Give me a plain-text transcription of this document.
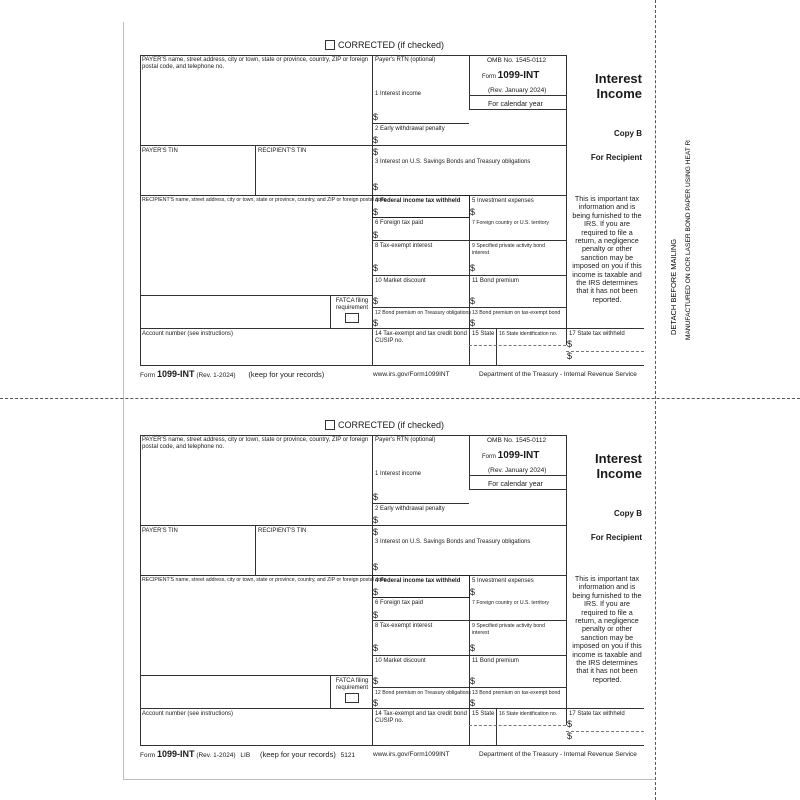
DETACH BEFORE MAILING MANUFACTURED ON OCR LASER BOND PAPER USING HEAT RESISTANT INKS
CORRECTED (if checked)
PAYER'S name, street address, city or town, state or province, country, ZIP or foreign postal code, and telephone no.
Payer's RTN (optional)	OMB No. 1545-0112
Form 1099-INT
(Rev. January 2024)
For calendar year
Interest
Income
Copy B
For Recipient
1 Interest income
$
2 Early withdrawal penalty
$
PAYER'S TIN	RECIPIENT'S TIN
3 Interest on U.S. Savings Bonds and Treasury obligations
$
$
RECIPIENT'S name, street address, city or town, state or province, country, and ZIP or foreign postal code
4 Federal income tax withheld
$
5 Investment expenses
$
6 Foreign tax paid
$
7 Foreign country or U.S. territory
8 Tax-exempt interest
$
9 Specified private activity bond interest
$
10 Market discount
$
11 Bond premium
$
FATCA filing requirement
12 Bond premium on Treasury obligations
$
13 Bond premium on tax-exempt bond
$
Account number (see instructions)	14 Tax-exempt and tax credit bond CUSIP no.
15 State 16 State identification no. 17 State tax withheld
$
$
This is important tax information and is being furnished to the IRS. If you are required to file a return, a negligence penalty or other sanction may be imposed on you if this income is taxable and the IRS determines that it has not been reported.
Form 1099-INT (Rev. 1-2024) (keep for your records)	www.irs.gov/Form1099INT	Department of the Treasury - Internal Revenue Service
CORRECTED (if checked)
PAYER'S name, street address, city or town, state or province, country, ZIP or foreign postal code, and telephone no.
Payer's RTN (optional)	OMB No. 1545-0112
Form 1099-INT
(Rev. January 2024)
For calendar year
Interest
Income
Copy B
For Recipient
1 Interest income
$
2 Early withdrawal penalty
$
PAYER'S TIN	RECIPIENT'S TIN
3 Interest on U.S. Savings Bonds and Treasury obligations
$
$
RECIPIENT'S name, street address, city or town, state or province, country, and ZIP or foreign postal code
4 Federal income tax withheld
$
5 Investment expenses
$
6 Foreign tax paid
$
7 Foreign country or U.S. territory
8 Tax-exempt interest
$
9 Specified private activity bond interest
$
10 Market discount
$
11 Bond premium
$
FATCA filing requirement
12 Bond premium on Treasury obligations
$
13 Bond premium on tax-exempt bond
$
Account number (see instructions)	14 Tax-exempt and tax credit bond CUSIP no.
15 State 16 State identification no. 17 State tax withheld
$
$
This is important tax information and is being furnished to the IRS. If you are required to file a return, a negligence penalty or other sanction may be imposed on you if this income is taxable and the IRS determines that it has not been reported.
Form 1099-INT (Rev. 1-2024) LIB (keep for your records) 5121	www.irs.gov/Form1099INT	Department of the Treasury - Internal Revenue Service
